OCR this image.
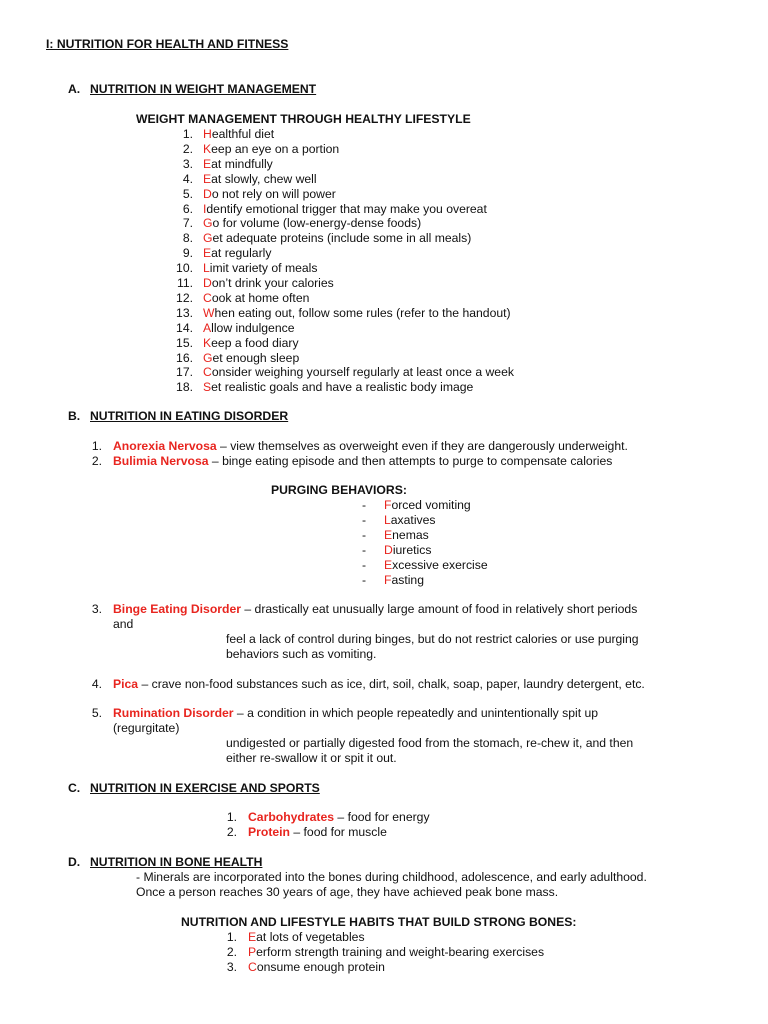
I: NUTRITION FOR HEALTH AND FITNESS
A. NUTRITION IN WEIGHT MANAGEMENT
WEIGHT MANAGEMENT THROUGH HEALTHY LIFESTYLE
1. Healthful diet
2. Keep an eye on a portion
3. Eat mindfully
4. Eat slowly, chew well
5. Do not rely on will power
6. Identify emotional trigger that may make you overeat
7. Go for volume (low-energy-dense foods)
8. Get adequate proteins (include some in all meals)
9. Eat regularly
10. Limit variety of meals
11. Don’t drink your calories
12. Cook at home often
13. When eating out, follow some rules (refer to the handout)
14. Allow indulgence
15. Keep a food diary
16. Get enough sleep
17. Consider weighing yourself regularly at least once a week
18. Set realistic goals and have a realistic body image
B. NUTRITION IN EATING DISORDER
1. Anorexia Nervosa – view themselves as overweight even if they are dangerously underweight.
2. Bulimia Nervosa – binge eating episode and then attempts to purge to compensate calories
PURGING BEHAVIORS:
- Forced vomiting
- Laxatives
- Enemas
- Diuretics
- Excessive exercise
- Fasting
3. Binge Eating Disorder – drastically eat unusually large amount of food in relatively short periods
and
feel a lack of control during binges, but do not restrict calories or use purging
behaviors such as vomiting.
4. Pica – crave non-food substances such as ice, dirt, soil, chalk, soap, paper, laundry detergent, etc.
5. Rumination Disorder – a condition in which people repeatedly and unintentionally spit up
(regurgitate)
undigested or partially digested food from the stomach, re-chew it, and then
either re-swallow it or spit it out.
C. NUTRITION IN EXERCISE AND SPORTS
1. Carbohydrates – food for energy
2. Protein – food for muscle
D. NUTRITION IN BONE HEALTH
- Minerals are incorporated into the bones during childhood, adolescence, and early adulthood.
Once a person reaches 30 years of age, they have achieved peak bone mass.
NUTRITION AND LIFESTYLE HABITS THAT BUILD STRONG BONES:
1. Eat lots of vegetables
2. Perform strength training and weight-bearing exercises
3. Consume enough protein
